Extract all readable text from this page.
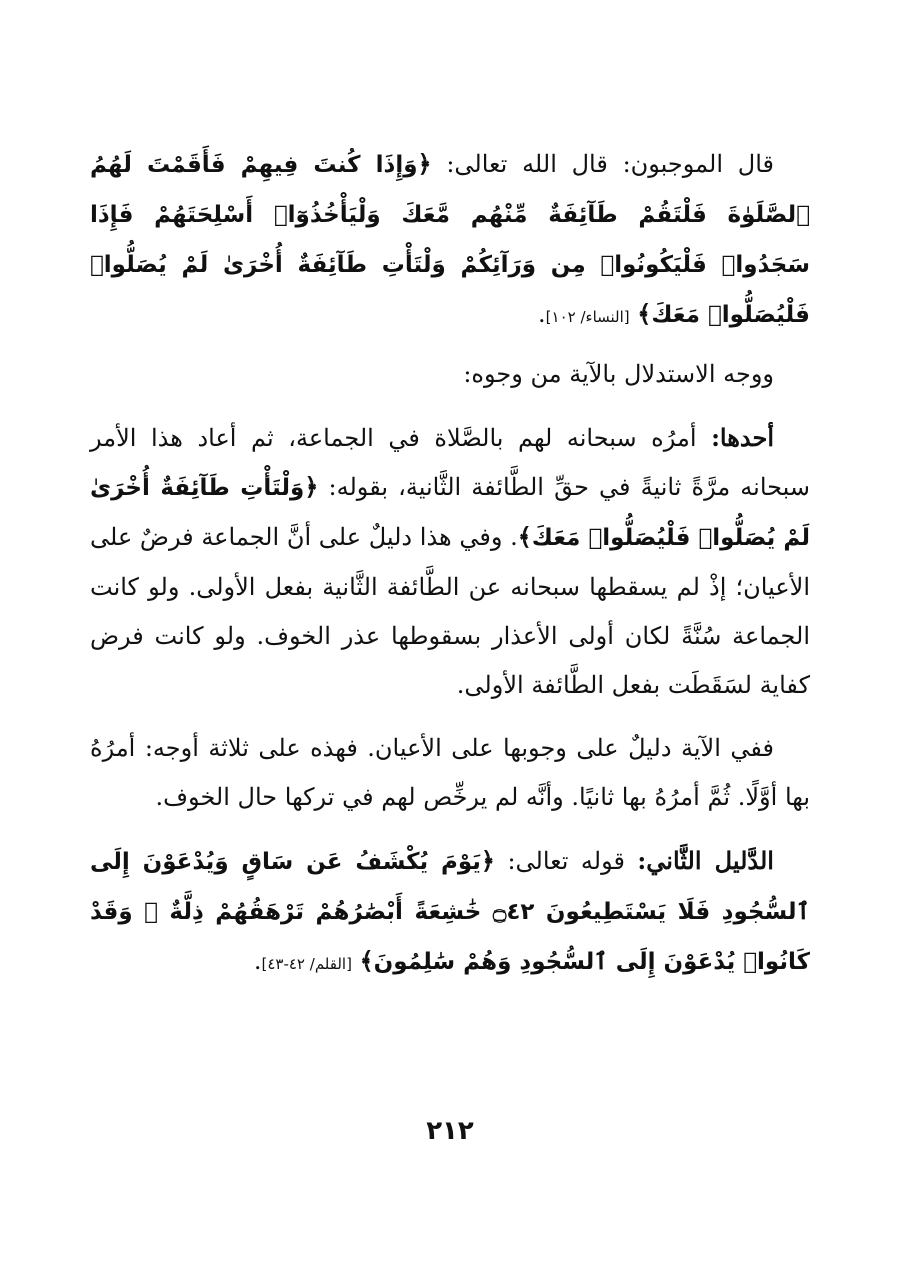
قال الموجبون: قال الله تعالى: ﴿وَإِذَا كُنتَ فِيهِمْ فَأَقَمْتَ لَهُمُ ٱلصَّلَوٰةَ فَلْتَقُمْ طَآئِفَةٌ مِّنْهُم مَّعَكَ وَلْيَأْخُذُوٓا۟ أَسْلِحَتَهُمْ فَإِذَا سَجَدُوا۟ فَلْيَكُونُوا۟ مِن وَرَآئِكُمْ وَلْتَأْتِ طَآئِفَةٌ أُخْرَىٰ لَمْ يُصَلُّوا۟ فَلْيُصَلُّوا۟ مَعَكَ﴾ [النساء/ ١٠٢].

ووجه الاستدلال بالآية من وجوه:

أحدها: أمرُه سبحانه لهم بالصَّلاة في الجماعة، ثم أعاد هذا الأمر سبحانه مرَّةً ثانيةً في حقِّ الطَّائفة الثَّانية، بقوله: ﴿وَلْتَأْتِ طَآئِفَةٌ أُخْرَىٰ لَمْ يُصَلُّوا۟ فَلْيُصَلُّوا۟ مَعَكَ﴾. وفي هذا دليلٌ على أنَّ الجماعة فرضٌ على الأعيان؛ إذْ لم يسقطها سبحانه عن الطَّائفة الثَّانية بفعل الأولى. ولو كانت الجماعة سُنَّةً لكان أولى الأعذار بسقوطها عذر الخوف. ولو كانت فرض كفاية لسَقَطَت بفعل الطَّائفة الأولى.

ففي الآية دليلٌ على وجوبها على الأعيان. فهذه على ثلاثة أوجه: أمرُهُ بها أوَّلًا. ثُمَّ أمرُهُ بها ثانيًا. وأنَّه لم يرخِّص لهم في تركها حال الخوف.

الدَّليل الثَّاني: قوله تعالى: ﴿يَوْمَ يُكْشَفُ عَن سَاقٍ وَيُدْعَوْنَ إِلَى ٱلسُّجُودِ فَلَا يَسْتَطِيعُونَ ۝٤٢ خَٰشِعَةً أَبْصَٰرُهُمْ تَرْهَقُهُمْ ذِلَّةٌ ۖ وَقَدْ كَانُوا۟ يُدْعَوْنَ إِلَى ٱلسُّجُودِ وَهُمْ سَٰلِمُونَ﴾ [القلم/ ٤٢-٤٣].

٢١٢
